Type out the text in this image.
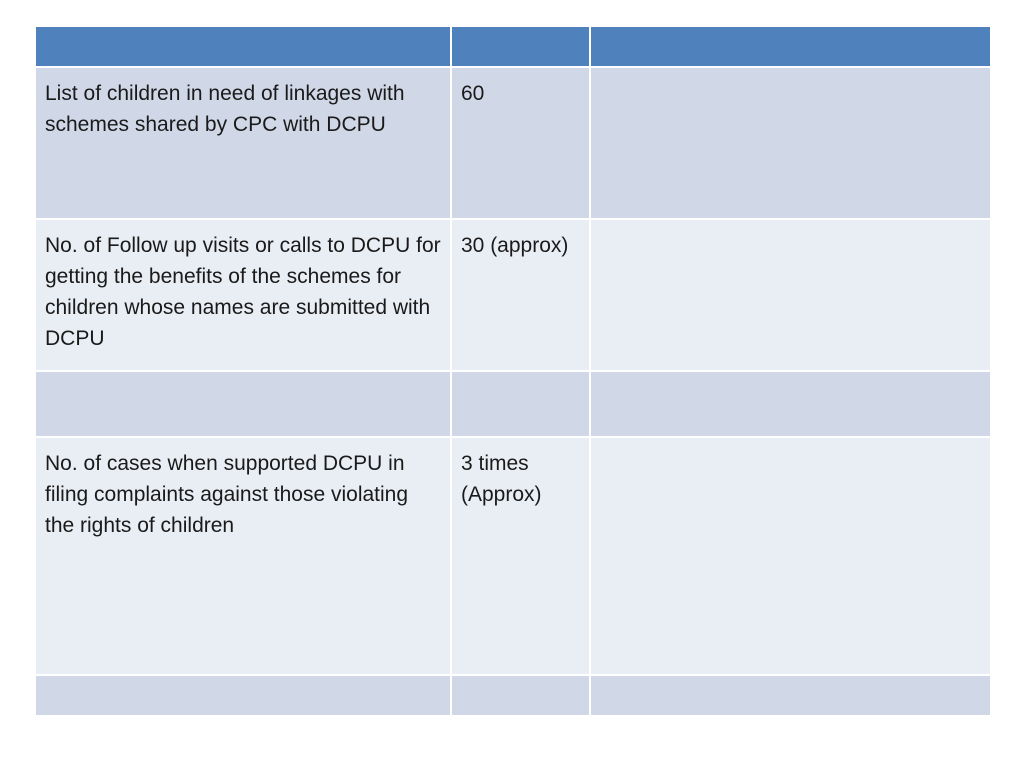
List of children in need of linkages with schemes shared by CPC with DCPU	60	
No. of Follow up visits or calls to DCPU for getting the benefits of the schemes for children whose names are submitted with DCPU	30 (approx)	

No. of cases when supported DCPU in filing complaints against those violating the rights of children	3 times (Approx)	
